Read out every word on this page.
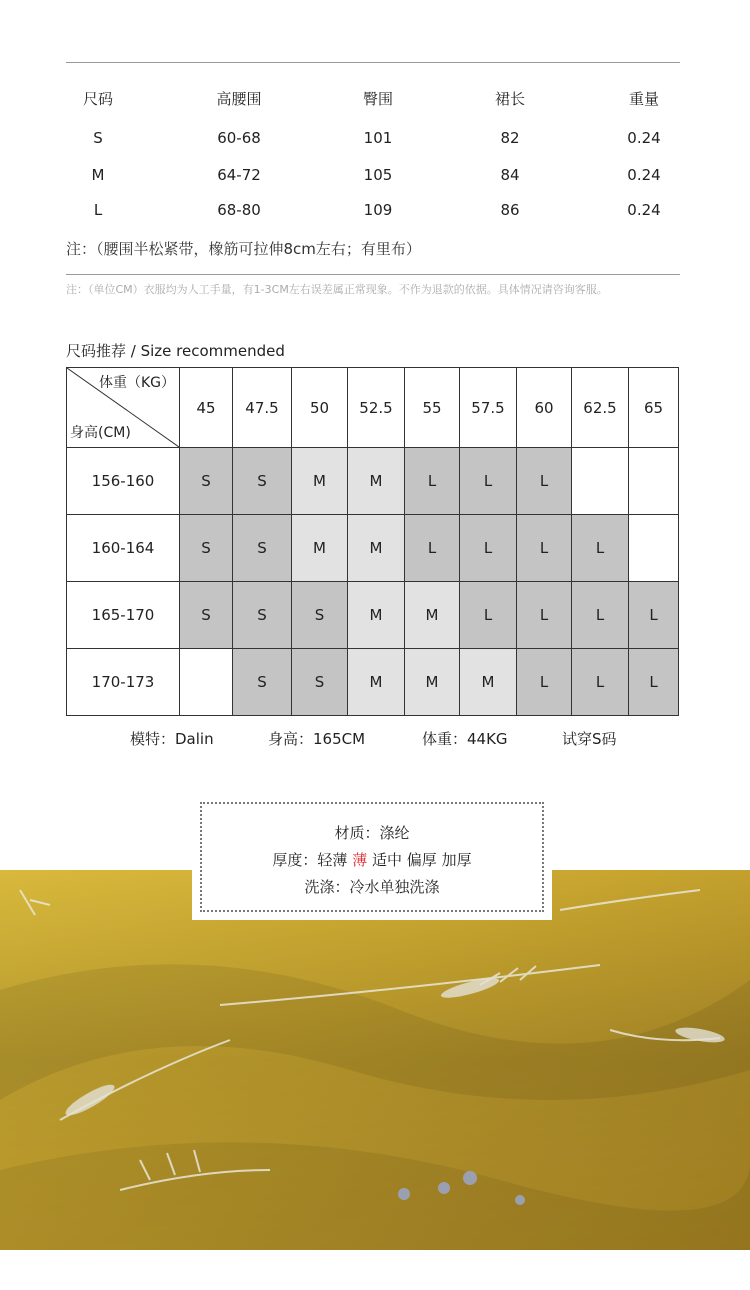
尺码	高腰围	臀围	裙长	重量
S	60-68	101	82	0.24
M	64-72	105	84	0.24
L	68-80	109	86	0.24
注：（腰围半松紧带，橡筋可拉伸8cm左右；有里布）
注：（单位CM）衣服均为人工手量，有1-3CM左右误差属正常现象。不作为退款的依据。具体情况请咨询客服。
尺码推荐 / Size recommended
体重（KG）
身高(CM)	45	47.5	50	52.5	55	57.5	60	62.5	65
156-160	S	S	M	M	L	L	L		
160-164	S	S	M	M	L	L	L	L	
165-170	S	S	S	M	M	L	L	L	L
170-173		S	S	M	M	M	L	L	L
模特：Dalin	身高：165CM	体重：44KG	试穿S码
材质：涤纶
厚度：轻薄 薄 适中 偏厚 加厚
洗涤：冷水单独洗涤
